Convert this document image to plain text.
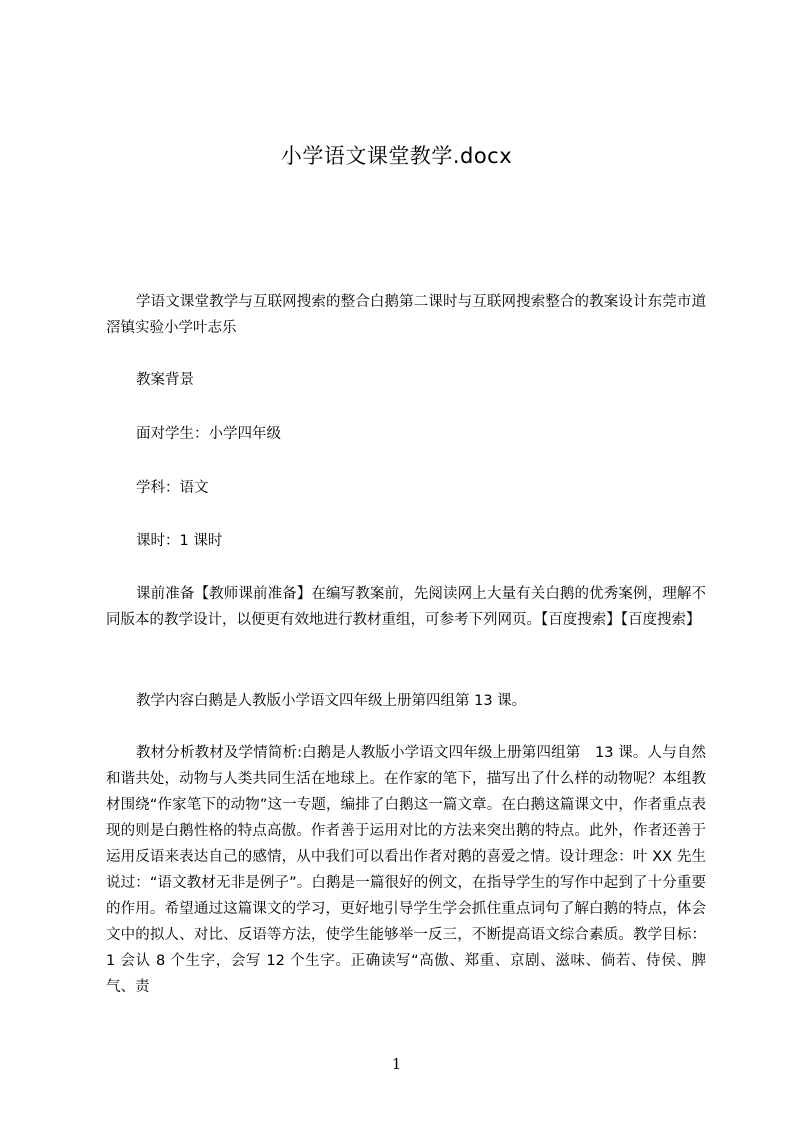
小学语文课堂教学.docx

学语文课堂教学与互联网搜索的整合白鹅第二课时与互联网搜索整合的教案设计东莞市道滘镇实验小学叶志乐

教案背景

面对学生：小学四年级

学科：语文

课时：1 课时

课前准备【教师课前准备】在编写教案前，先阅读网上大量有关白鹅的优秀案例，理解不同版本的教学设计，以便更有效地进行教材重组，可参考下列网页。【百度搜索】【百度搜索】

教学内容白鹅是人教版小学语文四年级上册第四组第 13 课。

教材分析教材及学情简析:白鹅是人教版小学语文四年级上册第四组第　13 课。人与自然和谐共处，动物与人类共同生活在地球上。在作家的笔下，描写出了什么样的动物呢？本组教材围绕“作家笔下的动物”这一专题，编排了白鹅这一篇文章。在白鹅这篇课文中，作者重点表现的则是白鹅性格的特点高傲。作者善于运用对比的方法来突出鹅的特点。此外，作者还善于运用反语来表达自己的感情，从中我们可以看出作者对鹅的喜爱之情。设计理念：叶 XX 先生说过：“语文教材无非是例子”。白鹅是一篇很好的例文，在指导学生的写作中起到了十分重要的作用。希望通过这篇课文的学习，更好地引导学生学会抓住重点词句了解白鹅的特点，体会文中的拟人、对比、反语等方法，使学生能够举一反三，不断提高语文综合素质。教学目标：1 会认 8 个生字，会写 12 个生字。正确读写“高傲、郑重、京剧、滋味、倘若、侍侯、脾气、责

1
